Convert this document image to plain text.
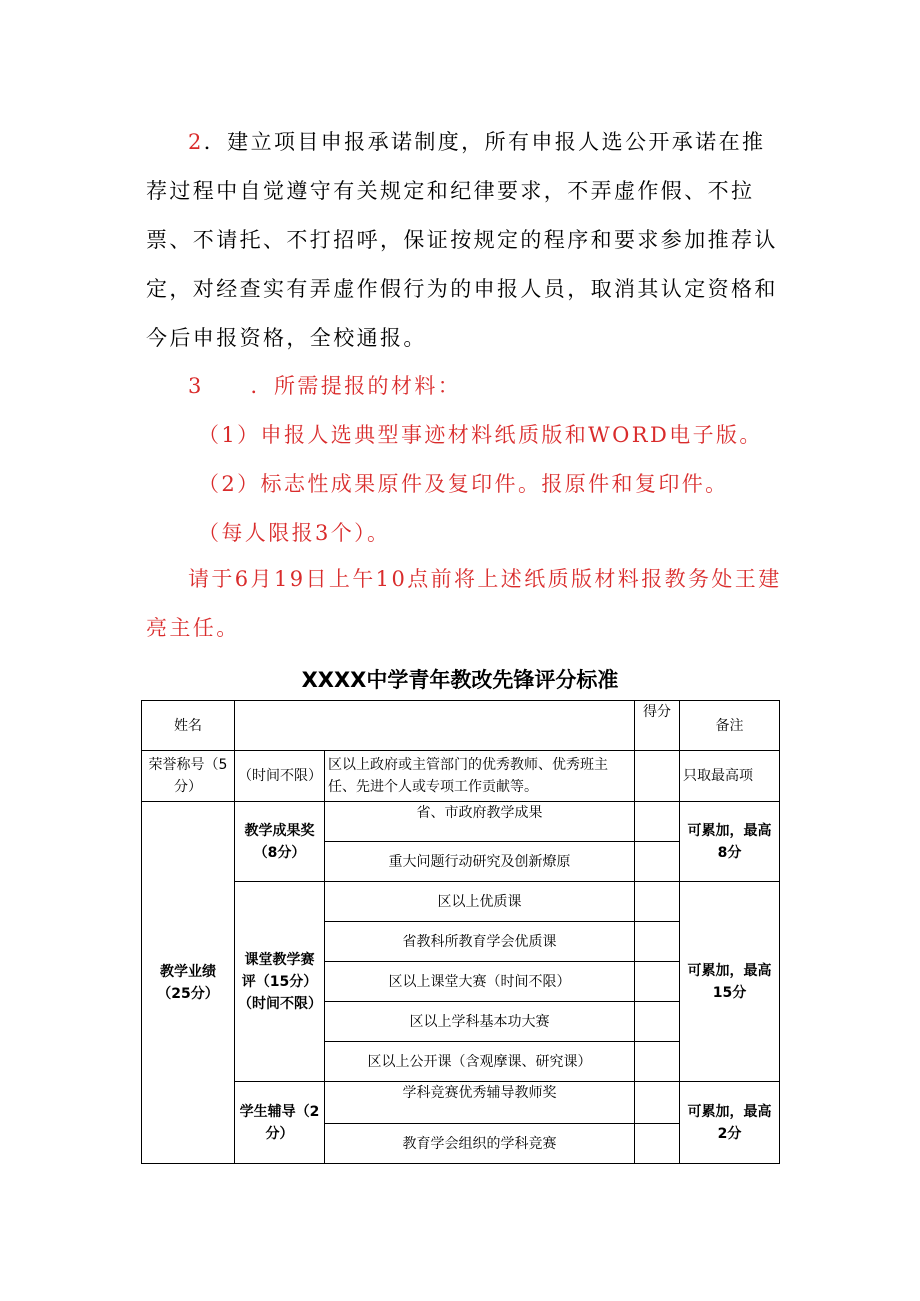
2．建立项目申报承诺制度，所有申报人选公开承诺在推荐过程中自觉遵守有关规定和纪律要求，不弄虚作假、不拉票、不请托、不打招呼，保证按规定的程序和要求参加推荐认定，对经查实有弄虚作假行为的申报人员，取消其认定资格和今后申报资格，全校通报。

3　　．所需提报的材料：

（1）申报人选典型事迹材料纸质版和WORD电子版。

（2）标志性成果原件及复印件。报原件和复印件。

（每人限报3个）。

请于6月19日上午10点前将上述纸质版材料报教务处王建亮主任。

XXXX中学青年教改先锋评分标准
姓名			得分	备注
荣誉称号（5分）	（时间不限）	区以上政府或主管部门的优秀教师、优秀班主任、先进个人或专项工作贡献等。		只取最高项
教学业绩（25分）	教学成果奖（8分）	省、市政府教学成果		可累加，最高8分
		重大问题行动研究及创新燎原		
	课堂教学赛评（15分）（时间不限）	区以上优质课		可累加，最高15分
		省教科所教育学会优质课		
		区以上课堂大赛（时间不限）		
		区以上学科基本功大赛		
		区以上公开课（含观摩课、研究课）		
	学生辅导（2分）	学科竞赛优秀辅导教师奖		可累加，最高2分
		教育学会组织的学科竞赛		
